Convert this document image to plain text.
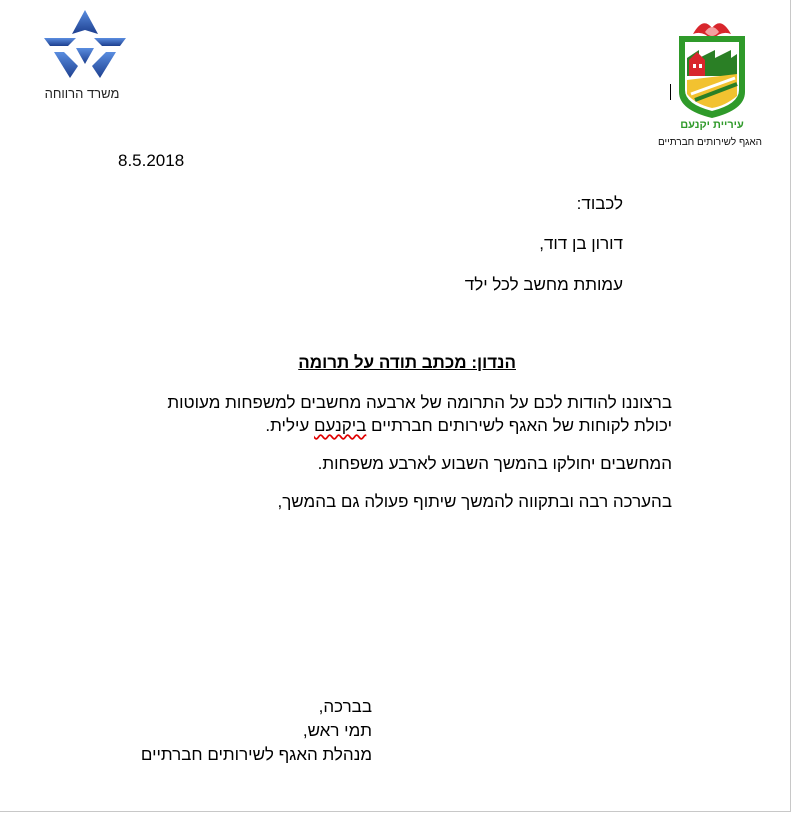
משרד הרווחה
עיריית יקנעם
האגף לשירותים חברתיים
8.5.2018
לכבוד:
דורון בן דוד,
עמותת מחשב לכל ילד
הנדון: מכתב תודה על תרומה
ברצוננו להודות לכם על התרומה של ארבעה מחשבים למשפחות מעוטות
יכולת לקוחות של האגף לשירותים חברתיים ביקנעם עילית.
המחשבים יחולקו בהמשך השבוע לארבע משפחות.
בהערכה רבה ובתקווה להמשך שיתוף פעולה גם בהמשך,
בברכה,
תמי ראש,
מנהלת האגף לשירותים חברתיים
